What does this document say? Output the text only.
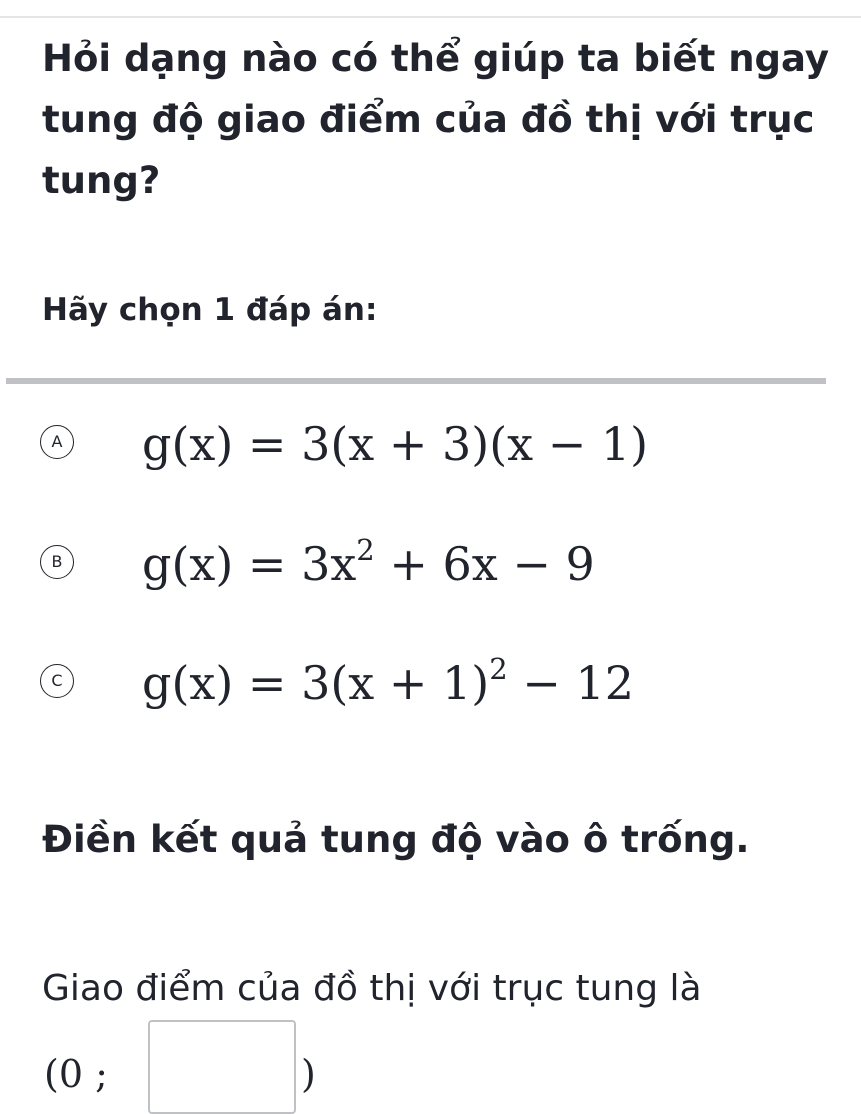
Hỏi dạng nào có thể giúp ta biết ngay tung độ giao điểm của đồ thị với trục tung?

Hãy chọn 1 đáp án:

A g(x) = 3(x + 3)(x − 1)
B $g(x) = 3x^2 + 6x - 9$
C $g(x) = 3(x + 1)^2 - 12$

Điền kết quả tung độ vào ô trống.

Giao điểm của đồ thị với trục tung là

(0 ;	)
